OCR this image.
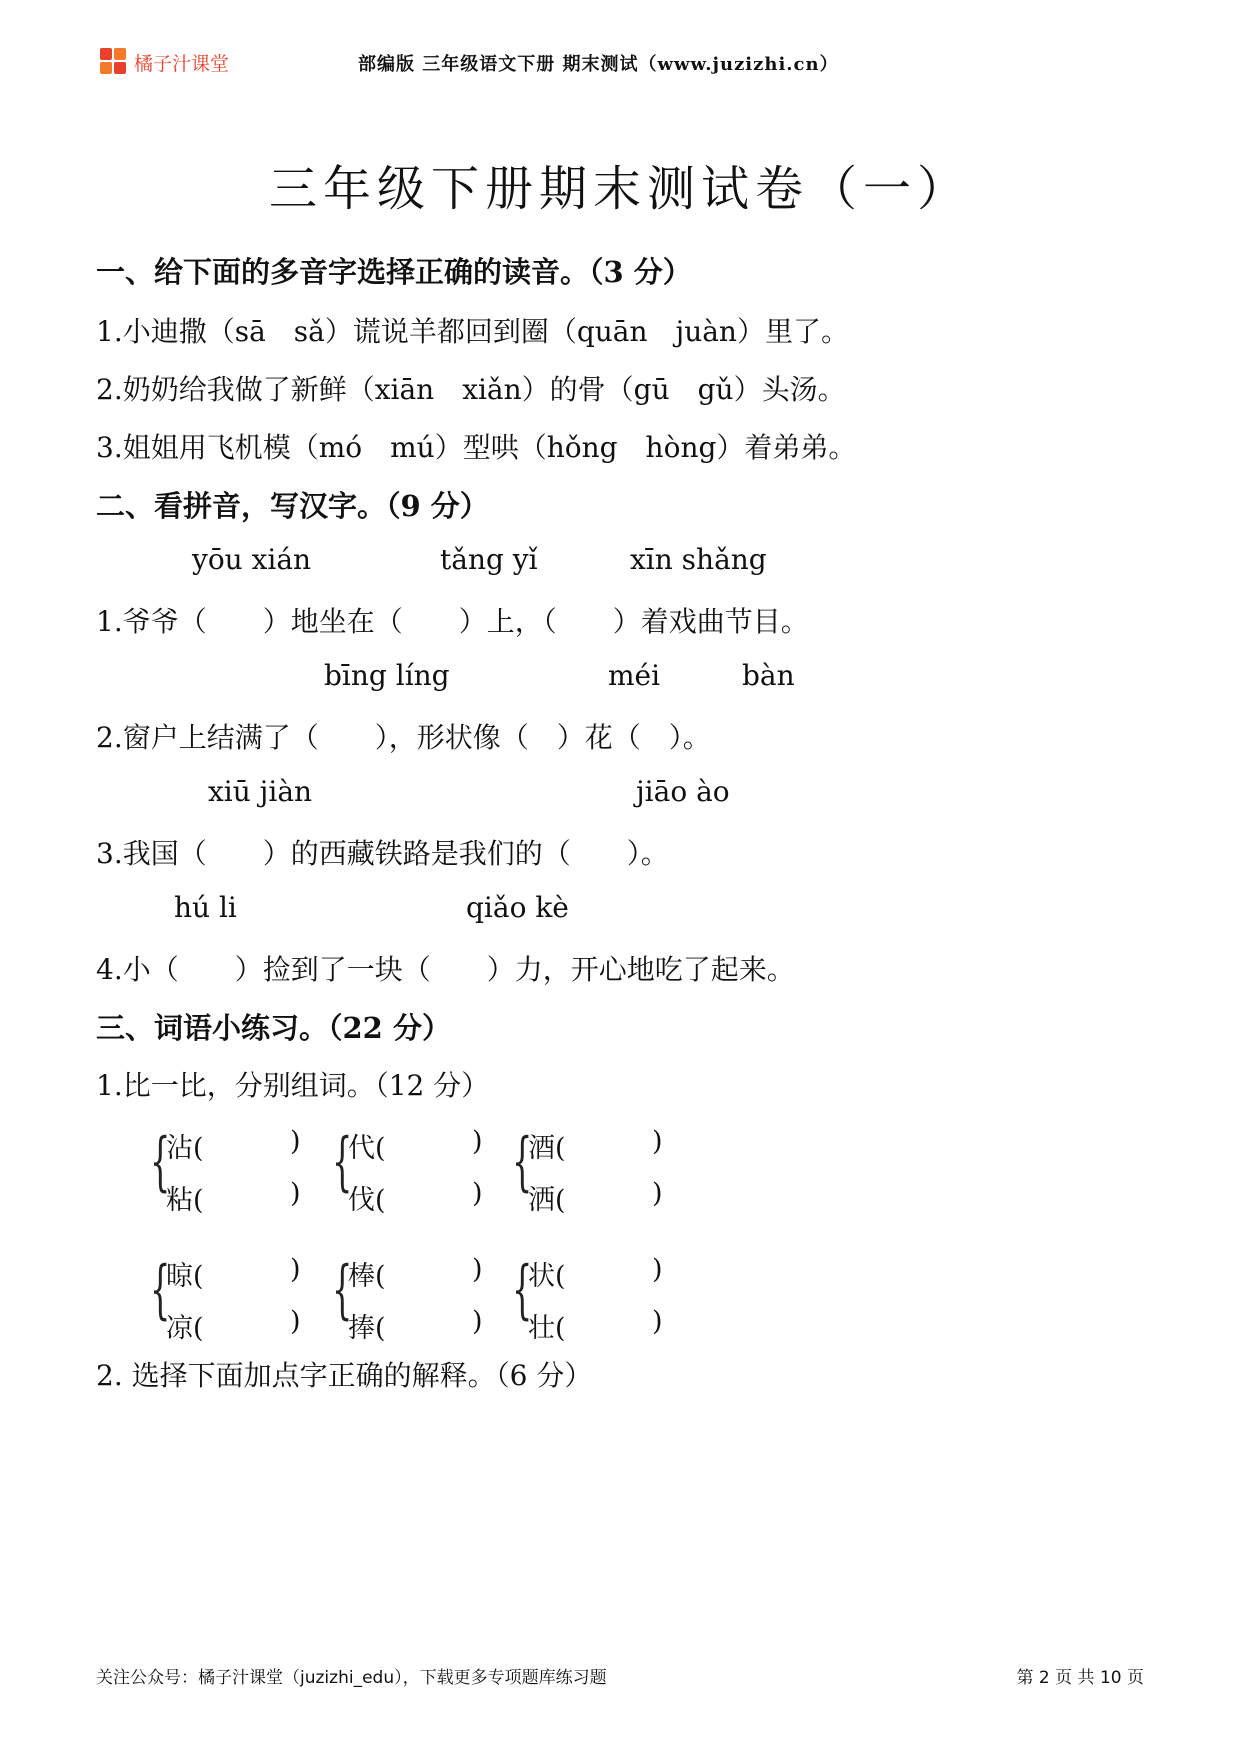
橘子汁课堂	部编版 三年级语文下册 期末测试（www.juzizhi.cn）
三年级下册期末测试卷（一）
一、给下面的多音字选择正确的读音。（3 分）
1.小迪撒（sā　sǎ）谎说羊都回到圈（quān　juàn）里了。
2.奶奶给我做了新鲜（xiān　xiǎn）的骨（gū　gǔ）头汤。
3.姐姐用飞机模（mó　mú）型哄（hǒng　hòng）着弟弟。
二、看拼音，写汉字。（9 分）
yōu xián	tǎng yǐ	xīn shǎng
1.爷爷（　　）地坐在（　　）上，（　　）着戏曲节目。
bīng líng	méi	bàn
2.窗户上结满了（　　），形状像（　）花（　）。
xiū jiàn	jiāo ào
3.我国（　　）的西藏铁路是我们的（　　）。
hú li	qiǎo kè
4.小（　　）捡到了一块（　　）力，开心地吃了起来。
三、词语小练习。（22 分）
1.比一比，分别组词。（12 分）
{
沾(	)
粘(	) {
代(	)
伐(	) {
酒(	)
洒(	)
{
晾(	)
凉(	) {
棒(	)
捧(	) {
状(	)
壮(	)
2. 选择下面加点字正确的解释。（6 分）
关注公众号：橘子汁课堂（juzizhi_edu），下载更多专项题库练习题	第 2 页 共 10 页
